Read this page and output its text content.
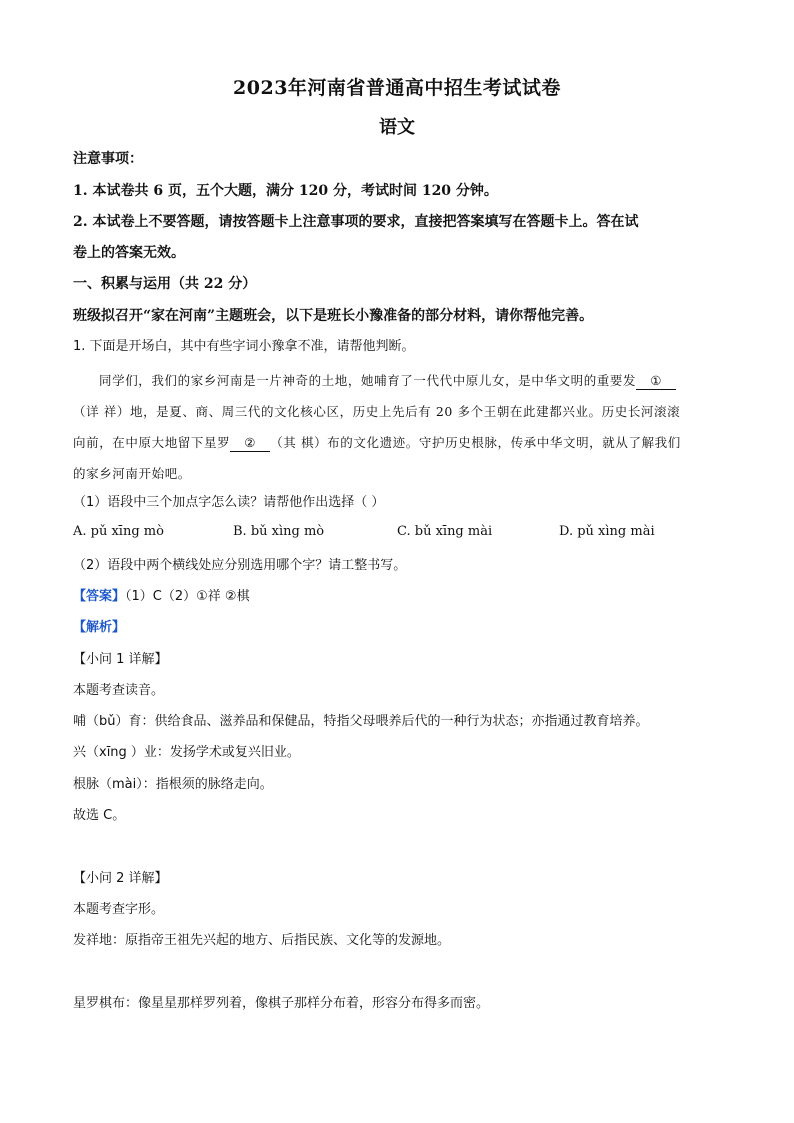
2023年河南省普通高中招生考试试卷
语文
注意事项：
1. 本试卷共 6 页，五个大题，满分 120 分，考试时间 120 分钟。
2. 本试卷上不要答题，请按答题卡上注意事项的要求，直接把答案填写在答题卡上。答在试
卷上的答案无效。
一、积累与运用（共 22 分）
班级拟召开“家在河南”主题班会，以下是班长小豫准备的部分材料，请你帮他完善。
1. 下面是开场白，其中有些字词小豫拿不准，请帮他判断。

同学们，我们的家乡河南是一片神奇的土地，她哺育了一代代中原儿女，是中华文明的重要发 ①

（详 祥）地，是夏、商、周三代的文化核心区，历史上先后有 20 多个王朝在此建都兴业。历史长河滚滚

向前，在中原大地留下星罗 ② （其 棋）布的文化遗迹。守护历史根脉，传承中华文明，就从了解我们

的家乡河南开始吧。

（1）语段中三个加点字怎么读？请帮他作出选择（ ）
A. pǔ xīng mò	B. bǔ xìng mò	C. bǔ xīng mài	D. pǔ xìng mài
（2）语段中两个横线处应分别选用哪个字？请工整书写。
【答案】（1）C（2）①祥 ②棋
【解析】
【小问 1 详解】
本题考查读音。
哺（bǔ）育：供给食品、滋养品和保健品，特指父母喂养后代的一种行为状态；亦指通过教育培养。
兴（xīng ）业：发扬学术或复兴旧业。
根脉（mài）：指根须的脉络走向。
故选 C。
【小问 2 详解】
本题考查字形。
发祥地：原指帝王祖先兴起的地方、后指民族、文化等的发源地。
星罗棋布：像星星那样罗列着，像棋子那样分布着，形容分布得多而密。
